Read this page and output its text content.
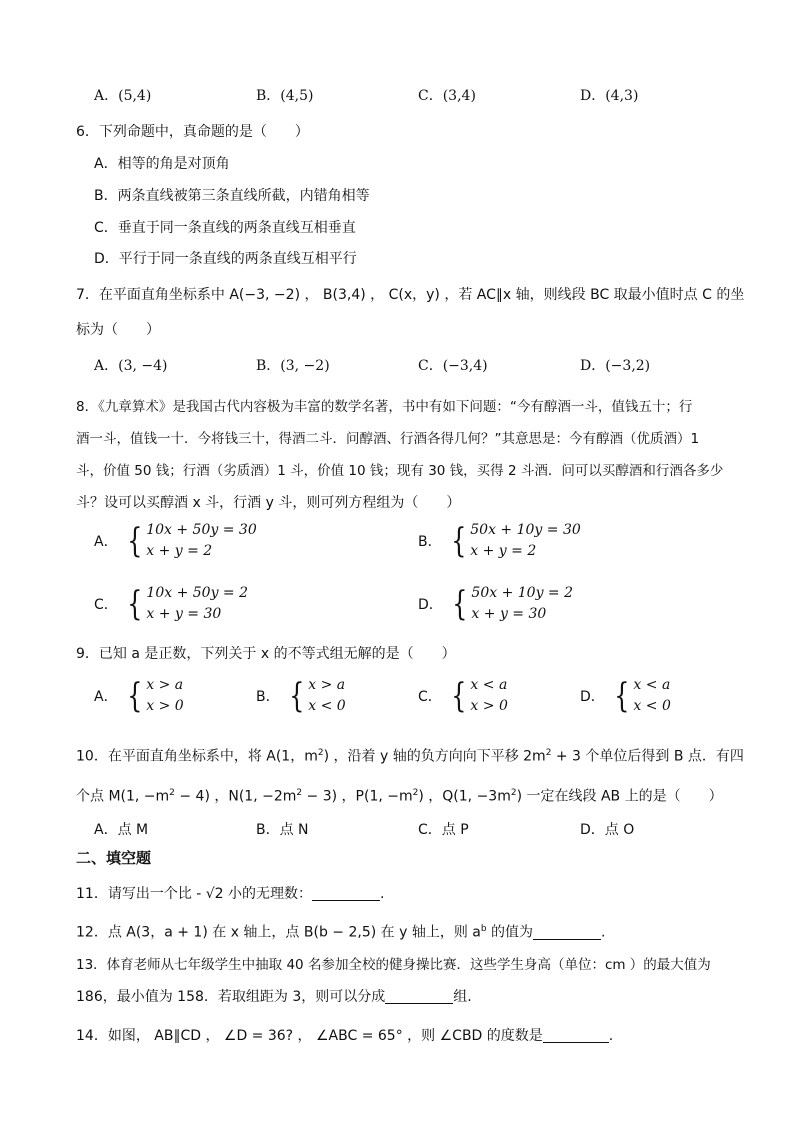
A．(5,4)	B．(4,5)	C．(3,4)	D．(4,3)
6．下列命题中，真命题的是（　　）
A．相等的角是对顶角
B．两条直线被第三条直线所截，内错角相等
C．垂直于同一条直线的两条直线互相垂直
D．平行于同一条直线的两条直线互相平行
7．在平面直角坐标系中 A(−3, −2) ， B(3,4) ， C(x，y) ，若 AC∥x 轴，则线段 BC 取最小值时点 C 的坐
标为（　　）
A．(3, −4)	B．(3, −2)	C．(−3,4)	D．(−3,2)
8．《九章算术》是我国古代内容极为丰富的数学名著，书中有如下问题：“今有醇酒一斗，值钱五十；行
酒一斗，值钱一十．今将钱三十，得酒二斗．问醇酒、行酒各得几何？”其意思是：今有醇酒（优质酒）1
斗，价值 50 钱；行酒（劣质酒）1 斗，价值 10 钱；现有 30 钱，买得 2 斗酒．问可以买醇酒和行酒各多少
斗？设可以买醇酒 x 斗，行酒 y 斗，则可列方程组为（　　）
A． { 10x + 50y = 30
x + y = 2
B． { 50x + 10y = 30
x + y = 2
C． { 10x + 50y = 2
x + y = 30
D． { 50x + 10y = 2
x + y = 30
9．已知 a 是正数，下列关于 x 的不等式组无解的是（　　）
A． { x > a
x > 0
B． { x > a
x < 0
C． { x < a
x > 0
D． { x < a
x < 0
10．在平面直角坐标系中，将 A(1，$m^2$) ，沿着 y 轴的负方向向下平移 $2m^2 + 3$ 个单位后得到 B 点．有四
个点 M(1, $-m^2 - 4$) ，N(1, $-2m^2 - 3$) ，P(1, $-m^2$) ，Q(1, $-3m^2$) 一定在线段 AB 上的是（　　）
A．点 M	B．点 N	C．点 P	D．点 O
二、填空题
11．请写出一个比 - √2 小的无理数：	.
12．点 A(3，a + 1) 在 x 轴上，点 B(b − 2,5) 在 y 轴上，则 $a^b$ 的值为	.
13．体育老师从七年级学生中抽取 40 名参加全校的健身操比赛．这些学生身高（单位：cm ）的最大值为
186，最小值为 158．若取组距为 3，则可以分成	组.
14．如图， AB∥CD ， ∠D = 36? ， ∠ABC = 65° ，则 ∠CBD 的度数是	.
